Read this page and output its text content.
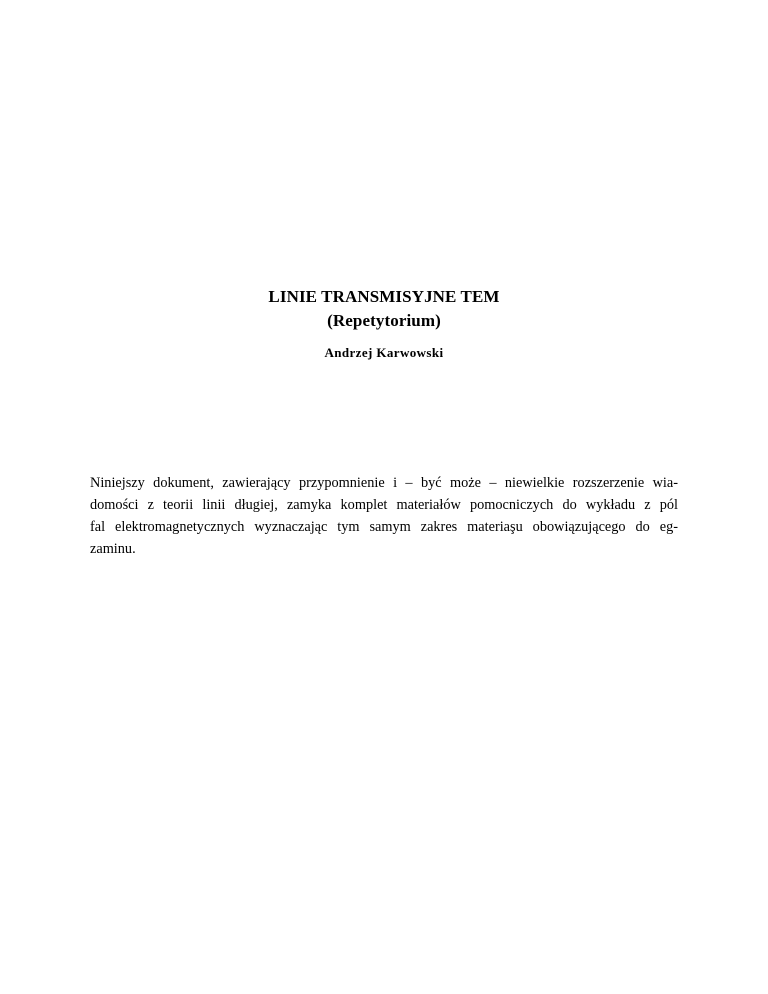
LINIE TRANSMISYJNE TEM
(Repetytorium)
Andrzej Karwowski
Niniejszy dokument, zawierający przypomnienie i – być może – niewielkie rozszerzenie wia-
domości z teorii linii długiej, zamyka komplet materiałów pomocniczych do wykładu z pól
fal elektromagnetycznych wyznaczając tym samym zakres materiaşu obowiązującego do eg-
zaminu.
